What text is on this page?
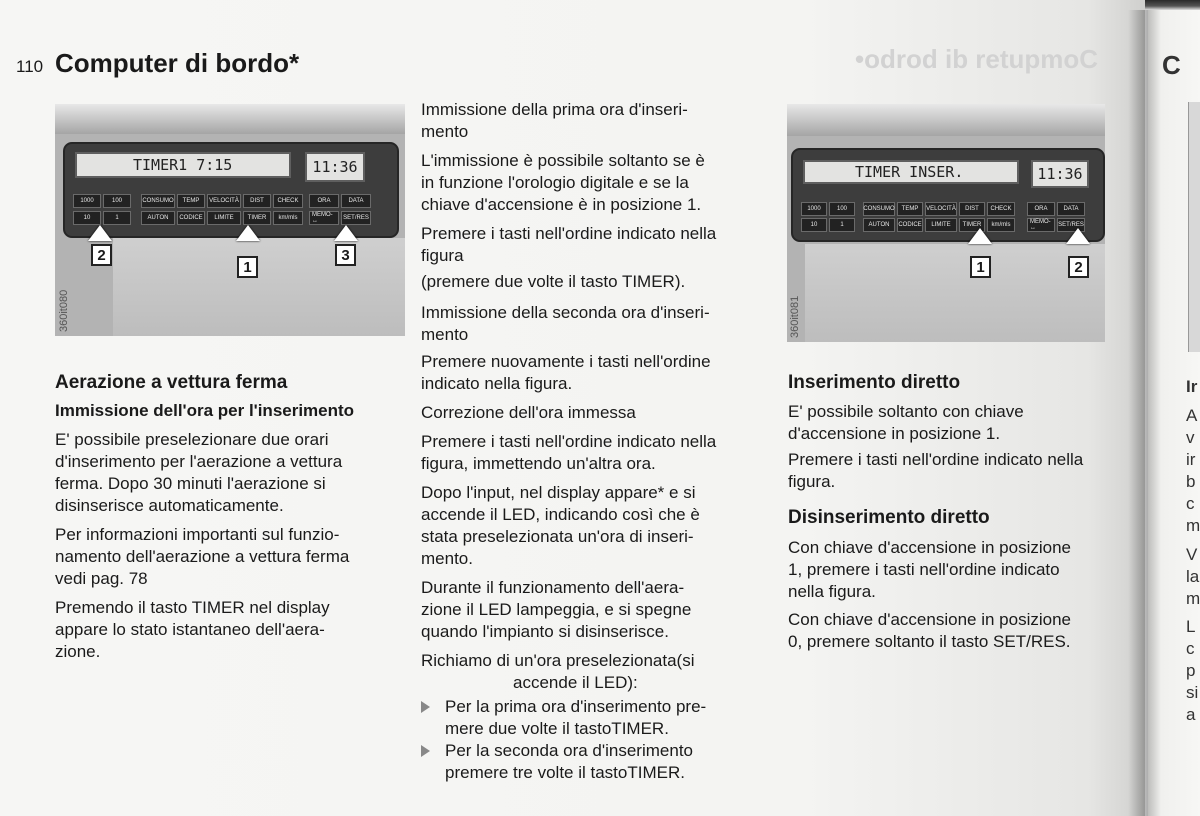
•odrod ib retupmoC
110 Computer di bordo*
TIMER1 7:15	11:36
1000	100
10	1
CONSUMO	TEMP	VELOCITÀ	DIST	CHECK
AUTON	CODICE	LIMITE	TIMER	km/mls
ORA	DATA
MEMO-↔	SET/RES
360it080
2
1
3
Aerazione a vettura ferma
Immissione dell'ora per l'inserimento
E' possibile preselezionare due orari
d'inserimento per l'aerazione a vettura
ferma. Dopo 30 minuti l'aerazione si
disinserisce automaticamente.
Per informazioni importanti sul funzio-
namento dell'aerazione a vettura ferma
vedi pag. 78
Premendo il tasto TIMER nel display
appare lo stato istantaneo dell'aera-
zione.
Immissione della prima ora d'inseri-
mento
L'immissione è possibile soltanto se è
in funzione l'orologio digitale e se la
chiave d'accensione è in posizione 1.
Premere i tasti nell'ordine indicato nella
figura
(premere due volte il tasto TIMER).
Immissione della seconda ora d'inseri-
mento
Premere nuovamente i tasti nell'ordine
indicato nella figura.
Correzione dell'ora immessa
Premere i tasti nell'ordine indicato nella
figura, immettendo un'altra ora.
Dopo l'input, nel display appare* e si
accende il LED, indicando così che è
stata preselezionata un'ora di inseri-
mento.
Durante il funzionamento dell'aera-
zione il LED lampeggia, e si spegne
quando l'impianto si disinserisce.
Richiamo di un'ora preselezionata(si
accende il LED):
Per la prima ora d'inserimento pre-
mere due volte il tastoTIMER.
Per la seconda ora d'inserimento
premere tre volte il tastoTIMER.
TIMER INSER.	11:36
1000	100
10	1
CONSUMO	TEMP	VELOCITÀ	DIST	CHECK
AUTON	CODICE	LIMITE	TIMER	km/mls
ORA	DATA
MEMO-↔	SET/RES
360it081
1	2
Inserimento diretto
E' possibile soltanto con chiave
d'accensione in posizione 1.
Premere i tasti nell'ordine indicato nella
figura.
Disinserimento diretto
Con chiave d'accensione in posizione
1, premere i tasti nell'ordine indicato
nella figura.
Con chiave d'accensione in posizione
0, premere soltanto il tasto SET/RES.
C
Ir
A
v
ir
b
c
m
V
la
m
L
c
p
si
a
